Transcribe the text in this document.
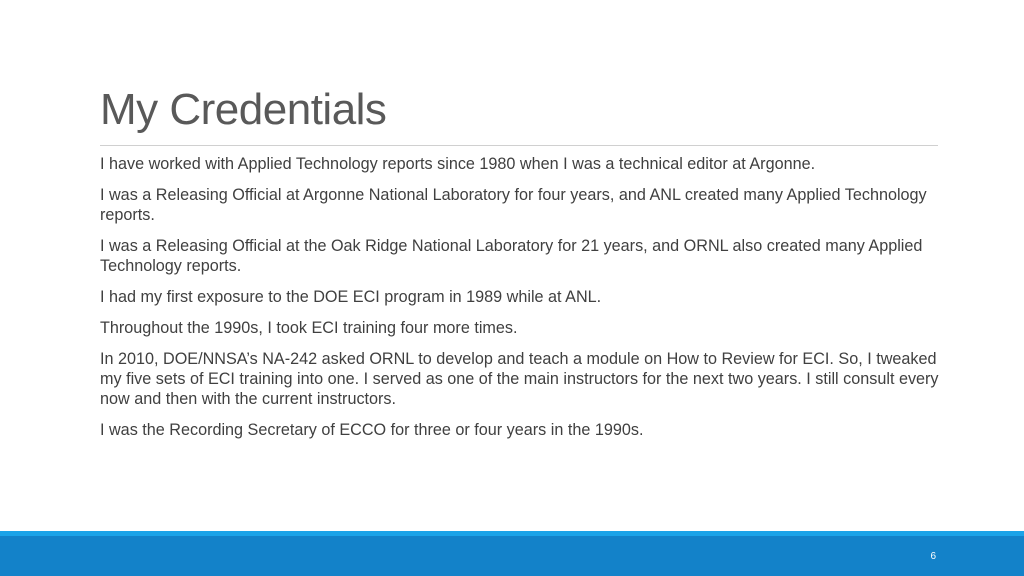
My Credentials

I have worked with Applied Technology reports since 1980 when I was a technical editor at Argonne.

I was a Releasing Official at Argonne National Laboratory for four years, and ANL created many Applied Technology reports.

I was a Releasing Official at the Oak Ridge National Laboratory for 21 years, and ORNL also created many Applied Technology reports.

I had my first exposure to the DOE ECI program in 1989 while at ANL.

Throughout the 1990s, I took ECI training four more times.

In 2010, DOE/NNSA’s NA-242 asked ORNL to develop and teach a module on How to Review for ECI. So, I tweaked my five sets of ECI training into one. I served as one of the main instructors for the next two years. I still consult every now and then with the current instructors.

I was the Recording Secretary of ECCO for three or four years in the 1990s.

6
